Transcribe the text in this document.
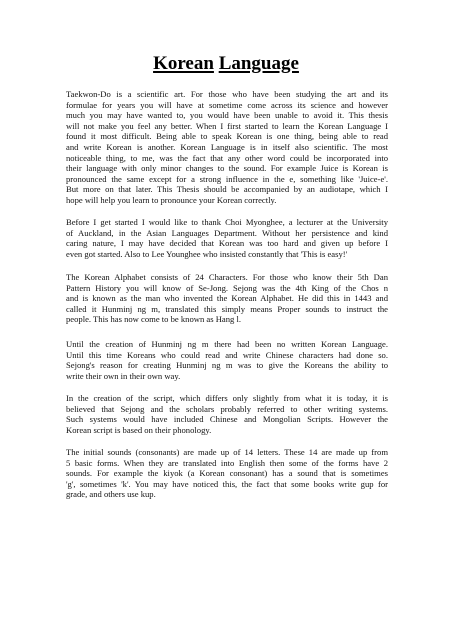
Korean Language
Taekwon-Do is a scientific art. For those who have been studying the art and its
formulae for years you will have at sometime come across its science and however
much you may have wanted to, you would have been unable to avoid it. This thesis
will not make you feel any better. When I first started to learn the Korean Language I
found it most difficult. Being able to speak Korean is one thing, being able to read
and write Korean is another. Korean Language is in itself also scientific. The most
noticeable thing, to me, was the fact that any other word could be incorporated into
their language with only minor changes to the sound. For example Juice is Korean is
pronounced the same except for a strong influence in the e, something like 'Juice-e'.
But more on that later. This Thesis should be accompanied by an audiotape, which I
hope will help you learn to pronounce your Korean correctly.
Before I get started I would like to thank Choi Myonghee, a lecturer at the University
of Auckland, in the Asian Languages Department. Without her persistence and kind
caring nature, I may have decided that Korean was too hard and given up before I
even got started. Also to Lee Younghee who insisted constantly that 'This is easy!'
The Korean Alphabet consists of 24 Characters. For those who know their 5th Dan
Pattern History you will know of Se-Jong. Sejong was the 4th King of the Chos n
and is known as the man who invented the Korean Alphabet. He did this in 1443 and
called it Hunminj ng m, translated this simply means Proper sounds to instruct the
people. This has now come to be known as Hang l.
Until the creation of Hunminj ng m there had been no written Korean Language.
Until this time Koreans who could read and write Chinese characters had done so.
Sejong's reason for creating Hunminj ng m was to give the Koreans the ability to
write their own in their own way.
In the creation of the script, which differs only slightly from what it is today, it is
believed that Sejong and the scholars probably referred to other writing systems.
Such systems would have included Chinese and Mongolian Scripts. However the
Korean script is based on their phonology.
The initial sounds (consonants) are made up of 14 letters. These 14 are made up from
5 basic forms. When they are translated into English then some of the forms have 2
sounds. For example the kiyok (a Korean consonant) has a sound that is sometimes
'g', sometimes 'k'. You may have noticed this, the fact that some books write gup for
grade, and others use kup.
